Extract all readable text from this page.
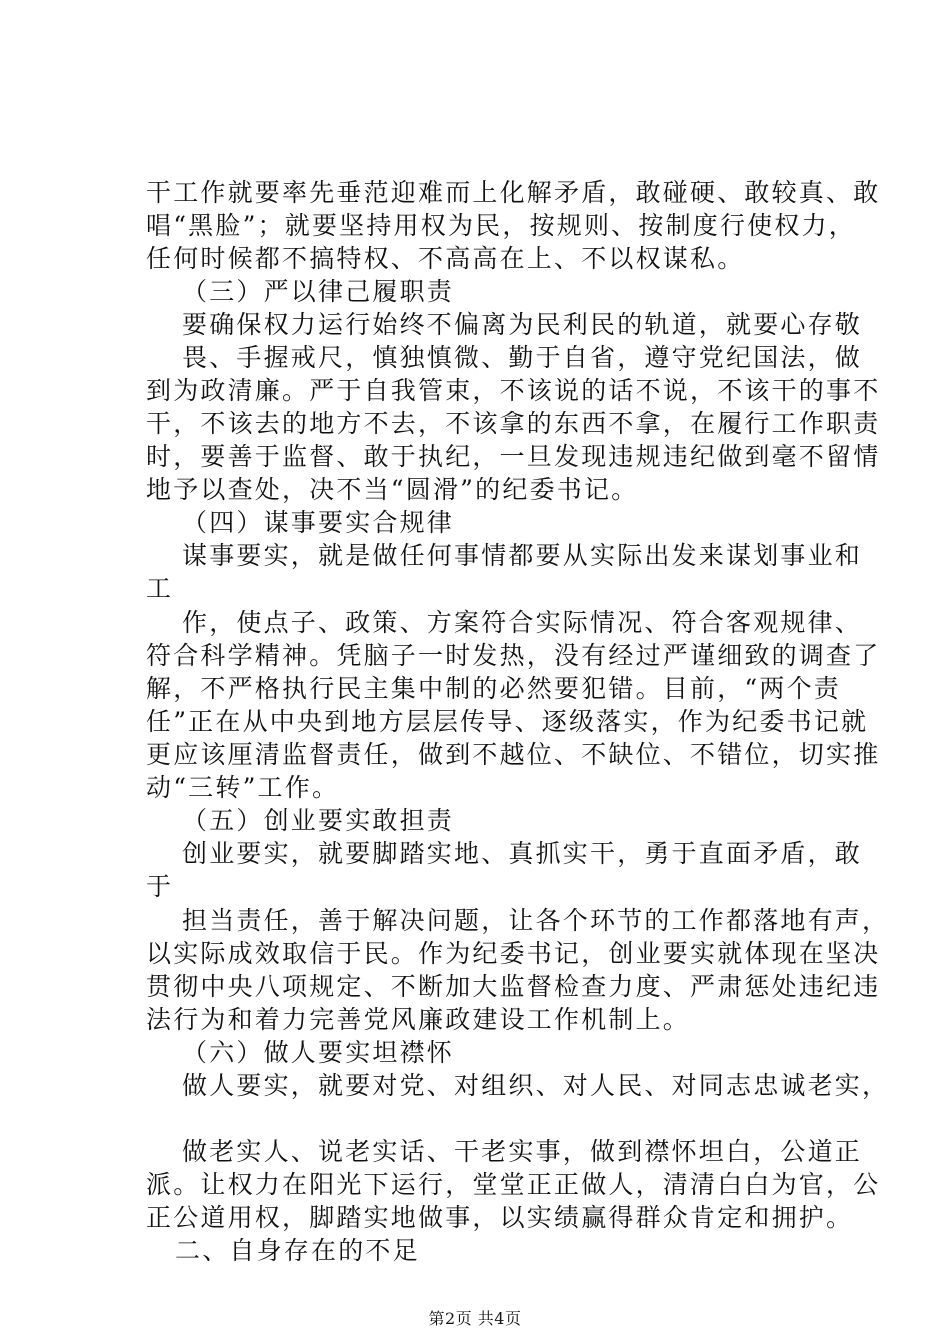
干工作就要率先垂范迎难而上化解矛盾，敢碰硬、敢较真、敢
唱“黑脸”；就要坚持用权为民，按规则、按制度行使权力，
任何时候都不搞特权、不高高在上、不以权谋私。
（三）严以律己履职责
要确保权力运行始终不偏离为民利民的轨道，就要心存敬
畏、手握戒尺，慎独慎微、勤于自省，遵守党纪国法，做
到为政清廉。严于自我管束，不该说的话不说，不该干的事不
干，不该去的地方不去，不该拿的东西不拿，在履行工作职责
时，要善于监督、敢于执纪，一旦发现违规违纪做到毫不留情
地予以查处，决不当“圆滑”的纪委书记。
（四）谋事要实合规律
谋事要实，就是做任何事情都要从实际出发来谋划事业和
工
作，使点子、政策、方案符合实际情况、符合客观规律、
符合科学精神。凭脑子一时发热，没有经过严谨细致的调查了
解，不严格执行民主集中制的必然要犯错。目前，“两个责
任”正在从中央到地方层层传导、逐级落实，作为纪委书记就
更应该厘清监督责任，做到不越位、不缺位、不错位，切实推
动“三转”工作。
（五）创业要实敢担责
创业要实，就要脚踏实地、真抓实干，勇于直面矛盾，敢
于
担当责任，善于解决问题，让各个环节的工作都落地有声，
以实际成效取信于民。作为纪委书记，创业要实就体现在坚决
贯彻中央八项规定、不断加大监督检查力度、严肃惩处违纪违
法行为和着力完善党风廉政建设工作机制上。
（六）做人要实坦襟怀
做人要实，就要对党、对组织、对人民、对同志忠诚老实，
做老实人、说老实话、干老实事，做到襟怀坦白，公道正
派。让权力在阳光下运行，堂堂正正做人，清清白白为官，公
正公道用权，脚踏实地做事，以实绩赢得群众肯定和拥护。
二、自身存在的不足
第2页 共4页
